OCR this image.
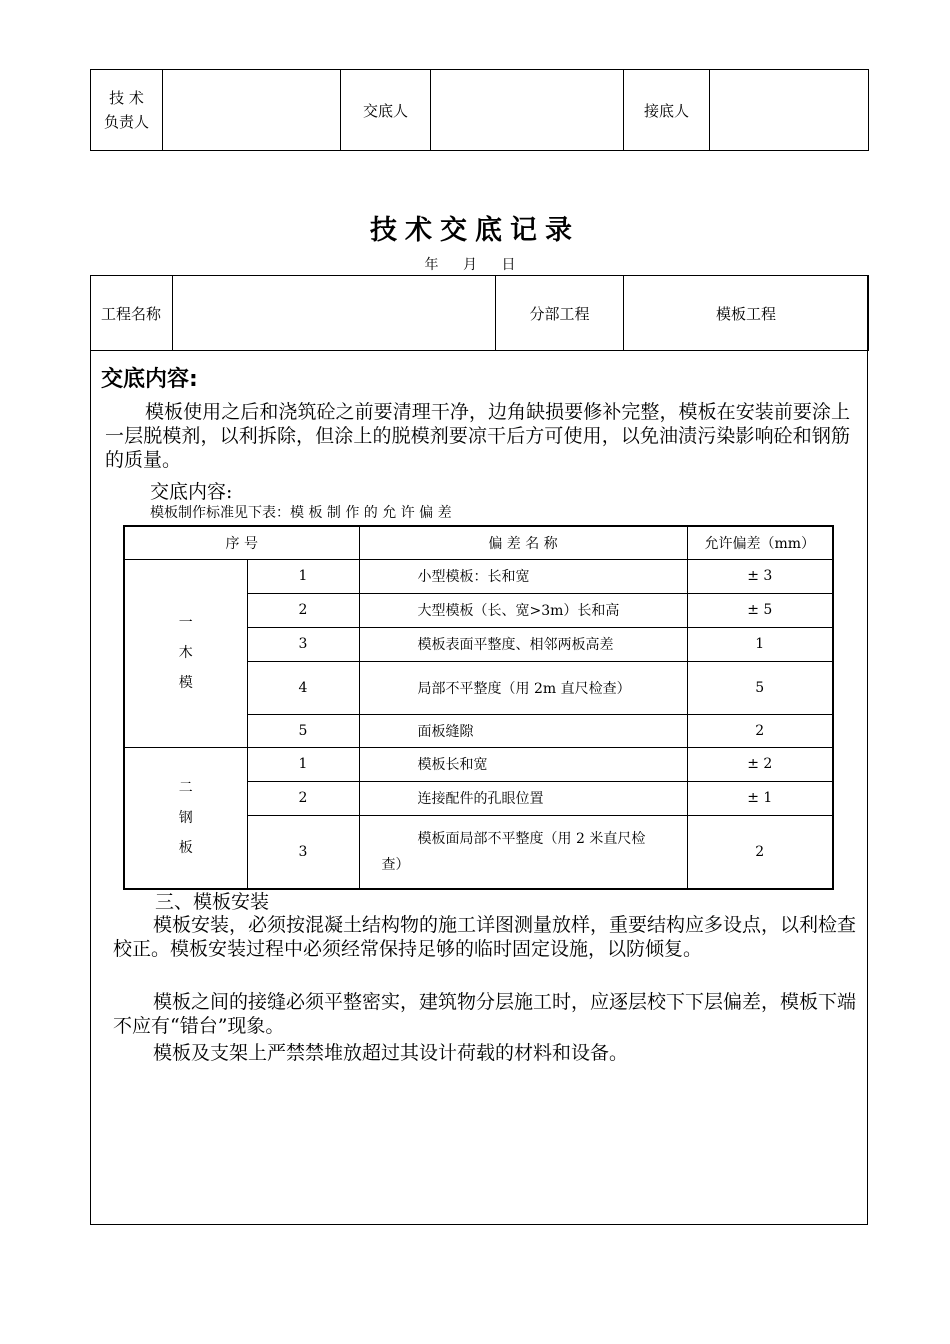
技 术
负责人
		交底人		接底人	
技术交底记录
年 月 日
工程名称		分部工程	模板工程
交底内容:
模板使用之后和浇筑砼之前要清理干净，边角缺损要修补完整，模板在安装前要涂上一层脱模剂，以利拆除，但涂上的脱模剂要凉干后方可使用，以免油渍污染影响砼和钢筋的质量。
交底内容:
模板制作标准见下表：模 板 制 作 的 允 许 偏 差
序 号		偏 差 名 称	允许偏差（mm）

一
木
模	1	小型模板：长和宽	± 3
	2	大型模板（长、宽>3m）长和高	± 5
	3	模板表面平整度、相邻两板高差	1
	4	局部不平整度（用 2m 直尺检查）	5
	5	面板缝隙	2

二
钢
板	1	模板长和宽	± 2
	2	连接配件的孔眼位置	± 1
	3	模板面局部不平整度（用 2 米直尺检
查）	2
三、模板安装
模板安装，必须按混凝土结构物的施工详图测量放样，重要结构应多设点，以利检查校正。模板安装过程中必须经常保持足够的临时固定设施，以防倾复。
模板之间的接缝必须平整密实，建筑物分层施工时，应逐层校下下层偏差，模板下端不应有“错台”现象。
模板及支架上严禁禁堆放超过其设计荷载的材料和设备。
